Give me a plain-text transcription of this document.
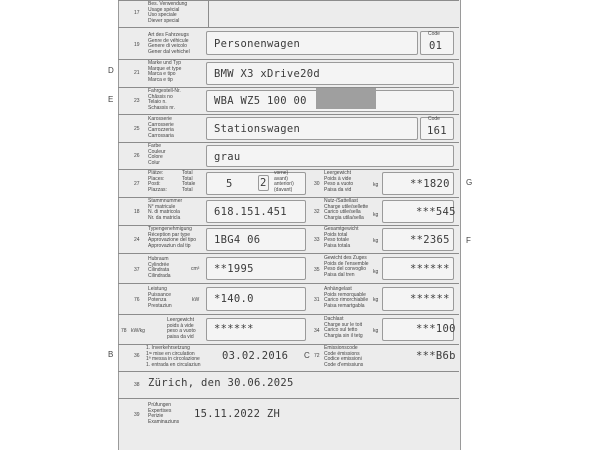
17
Bes. Verwendung
Usage spécial
Uso speciale
Diever special
19
Art des Fahrzeugs
Genre de véhicule
Genere di veicolo
Gener dal vehichel
Personenwagen
Code
01
D	21
Marke und Typ
Marque et type
Marca e tipo
Marca e tip	BMW X3 xDrive20d
E	23
Fahrgestell-Nr.
Châssis no
Telaio n.
Schassis nr.
WBA WZ5 100 00
25
Karosserie
Carrosserie
Carrozzeria
Carrossaria
Stationswagen
Code
161
26
Farbe
Couleur
Colore
Colur	grau
27
Plätze:
Places:
Posti:
Plazzas:
Total
Total
Totale
Total	5	2
vorne)
avant)
anteriori)
(davant)
30
Leergewicht
Poids à vide
Peso a vuoto
Paisa da vid
kg	**1820 G
18
Stammnummer
N° matricule
N. di matricola
Nr. da matricla	618.151.451	32
Nutz-/Sattellast
Charge utile/sellette
Carico utile/sella
Chargia utila/sella	kg	***545
24
Typengenehmigung
Réception par type
Approvazione del tipo
Approvaziun dal tip	1BG4 06	33
Gesamtgewicht
Poids total
Peso totale
Paisa totala
kg	**2365 F
37
Hubraum
Cylindrée
Cilindrata
Cilindrada
cm³ **1995	35
Gewicht des Zuges
Poids de l'ensemble
Peso del convoglio
Paisa dal tren	kg	******
76
Leistung
Puissance
Potenza
Prestaziun
kW *140.0	31
Anhängelast
Poids remorquable
Carico rimorchiabile
Paisa remartgabla
kg	******
78 kW/kg
Leergewicht
poids à vide
peso a vuoto
paisa da vid
******	34
Dachlast
Charge sur le toit
Carico sul tetto
Chargia sin il tetg
kg	***100
B	36
1. Inverkehrsetzung
1ʳᵉ mise en circulation
1ª messa in circolazione
1. entrada en circulaziun
03.02.2016 C 72
Emissionscode
Code émissions
Codice emissioni
Code d'emissiuns
***B6b
38 Zürich, den 30.06.2025
39
Prüfungen
Expertises
Perizie
Examinaziuns
15.11.2022 ZH
